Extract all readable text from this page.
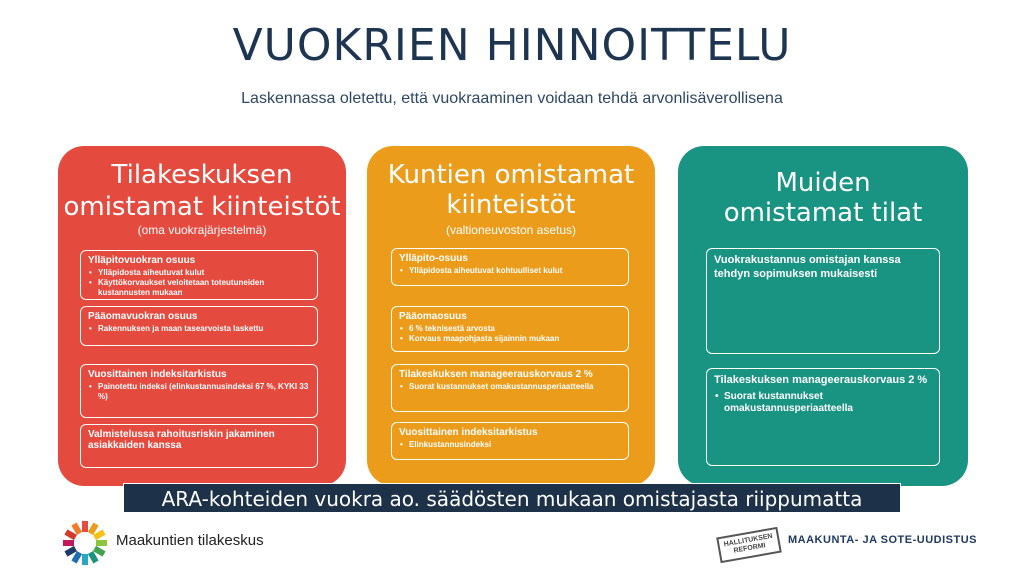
VUOKRIEN HINNOITTELU
Laskennassa oletettu, että vuokraaminen voidaan tehdä arvonlisäverollisena
Tilakeskuksen
omistamat kiinteistöt
(oma vuokrajärjestelmä)
Ylläpitovuokran osuus
• Ylläpidosta aiheutuvat kulut
• Käyttökorvaukset veloitetaan toteutuneiden kustannusten mukaan
Pääomavuokran osuus
• Rakennuksen ja maan tasearvoista laskettu
Vuosittainen indeksitarkistus
• Painotettu indeksi (elinkustannusindeksi 67 %, KYKI 33 %)
Valmistelussa rahoitusriskin jakaminen asiakkaiden kanssa
Kuntien omistamat
kiinteistöt
(valtioneuvoston asetus)
Ylläpito-osuus
• Ylläpidosta aiheutuvat kohtuulliset kulut
Pääomaosuus
• 6 % teknisestä arvosta
• Korvaus maapohjasta sijainnin mukaan
Tilakeskuksen manageerauskorvaus 2 %
• Suorat kustannukset omakustannusperiaatteella
Vuosittainen indeksitarkistus
• Elinkustannusindeksi
Muiden
omistamat tilat
Vuokrakustannus omistajan kanssa tehdyn sopimuksen mukaisesti
Tilakeskuksen manageerauskorvaus 2 %
• Suorat kustannukset omakustannusperiaatteella
ARA-kohteiden vuokra ao. säädösten mukaan omistajasta riippumatta
Maakuntien tilakeskus	HALLITUKSEN REFORMI
MAAKUNTA- JA SOTE-UUDISTUS
